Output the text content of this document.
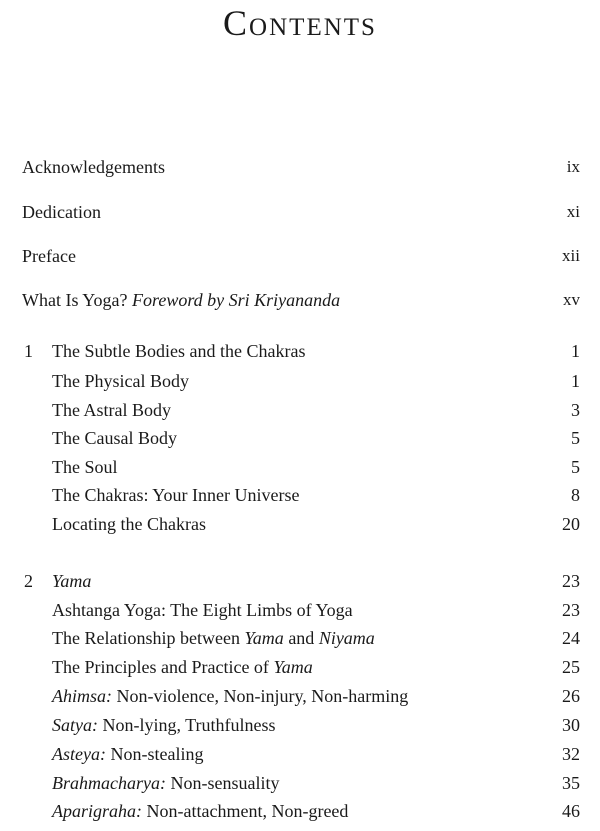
Contents
Acknowledgements	ix
Dedication	xi
Preface	xii
What Is Yoga? Foreword by Sri Kriyananda	xv
1 The Subtle Bodies and the Chakras	1
The Physical Body	1
The Astral Body	3
The Causal Body	5
The Soul	5
The Chakras: Your Inner Universe	8
Locating the Chakras	20
2 Yama	23
Ashtanga Yoga: The Eight Limbs of Yoga	23
The Relationship between Yama and Niyama	24
The Principles and Practice of Yama	25
Ahimsa: Non-violence, Non-injury, Non-harming	26
Satya: Non-lying, Truthfulness	30
Asteya: Non-stealing	32
Brahmacharya: Non-sensuality	35
Aparigraha: Non-attachment, Non-greed	46
